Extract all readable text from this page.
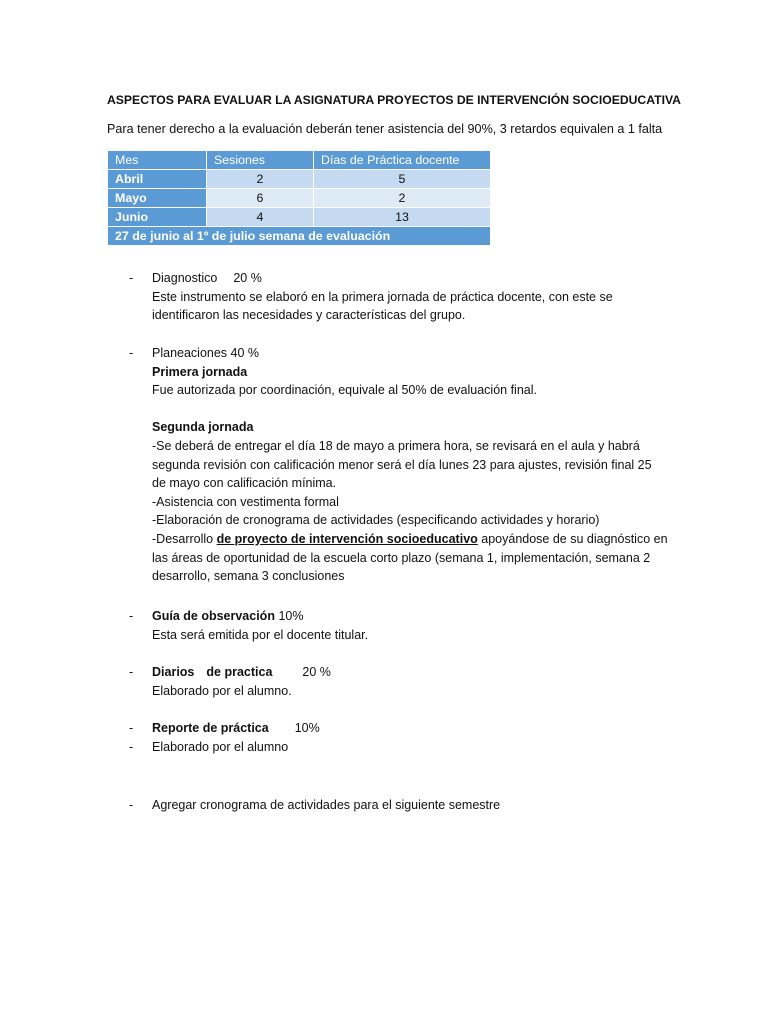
ASPECTOS PARA EVALUAR LA ASIGNATURA PROYECTOS DE INTERVENCIÓN SOCIOEDUCATIVA
Para tener derecho a la evaluación deberán tener asistencia del 90%, 3 retardos equivalen a 1 falta
Mes	Sesiones	Días de Práctica docente
Abril	2	5
Mayo	6	2
Junio	4	13
27 de junio al 1º de julio semana de evaluación		
- Diagnostico 20 %
Este instrumento se elaboró en la primera jornada de práctica docente, con este se
identificaron las necesidades y características del grupo.
- Planeaciones 40 %
Primera jornada
Fue autorizada por coordinación, equivale al 50% de evaluación final.
Segunda jornada
-Se deberá de entregar el día 18 de mayo a primera hora, se revisará en el aula y habrá
segunda revisión con calificación menor será el día lunes 23 para ajustes, revisión final 25
de mayo con calificación mínima.
-Asistencia con vestimenta formal
-Elaboración de cronograma de actividades (especificando actividades y horario)
-Desarrollo de proyecto de intervención socioeducativo apoyándose de su diagnóstico en
las áreas de oportunidad de la escuela corto plazo (semana 1, implementación, semana 2
desarrollo, semana 3 conclusiones
- Guía de observación 10%
Esta será emitida por el docente titular.
- Diarios de practica 20 %
Elaborado por el alumno.
- Reporte de práctica 10%
- Elaborado por el alumno
- Agregar cronograma de actividades para el siguiente semestre
